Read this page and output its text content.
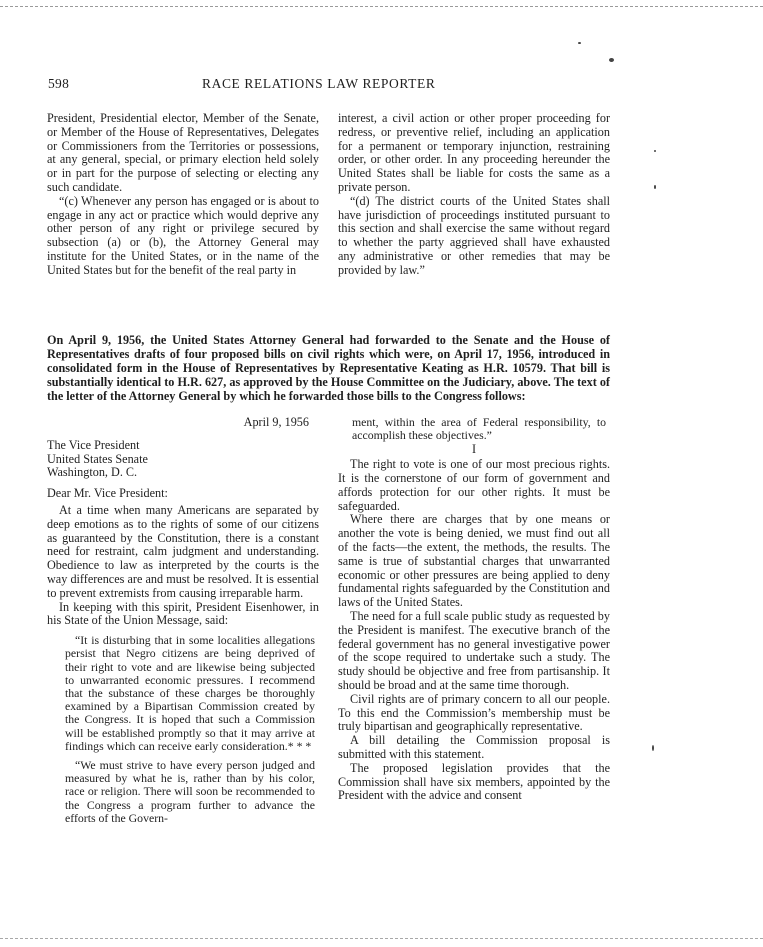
598	RACE RELATIONS LAW REPORTER

President, Presidential elector, Member of the Senate, or Member of the House of Representatives, Delegates or Commissioners from the Territories or possessions, at any general, special, or primary election held solely or in part for the purpose of selecting or electing any such candidate.

“(c) Whenever any person has engaged or is about to engage in any act or practice which would deprive any other person of any right or privilege secured by subsection (a) or (b), the Attorney General may institute for the United States, or in the name of the United States but for the benefit of the real party in

interest, a civil action or other proper proceeding for redress, or preventive relief, including an application for a permanent or temporary injunction, restraining order, or other order. In any proceeding hereunder the United States shall be liable for costs the same as a private person.

“(d) The district courts of the United States shall have jurisdiction of proceedings instituted pursuant to this section and shall exercise the same without regard to whether the party aggrieved shall have exhausted any administrative or other remedies that may be provided by law.”

On April 9, 1956, the United States Attorney General had forwarded to the Senate and the House of Representatives drafts of four proposed bills on civil rights which were, on April 17, 1956, introduced in consolidated form in the House of Representatives by Representative Keating as H.R. 10579. That bill is substantially identical to H.R. 627, as approved by the House Committee on the Judiciary, above. The text of the letter of the Attorney General by which he forwarded those bills to the Congress follows:

April 9, 1956

The Vice President

United States Senate

Washington, D. C.

Dear Mr. Vice President:

At a time when many Americans are separated by deep emotions as to the rights of some of our citizens as guaranteed by the Constitution, there is a constant need for restraint, calm judgment and understanding. Obedience to law as interpreted by the courts is the way differences are and must be resolved. It is essential to prevent extremists from causing irreparable harm.

In keeping with this spirit, President Eisenhower, in his State of the Union Message, said:

“It is disturbing that in some localities allegations persist that Negro citizens are being deprived of their right to vote and are likewise being subjected to unwarranted economic pressures. I recommend that the substance of these charges be thoroughly examined by a Bipartisan Commission created by the Congress. It is hoped that such a Commission will be established promptly so that it may arrive at findings which can receive early consideration.* * *

“We must strive to have every person judged and measured by what he is, rather than by his color, race or religion. There will soon be recommended to the Congress a program further to advance the efforts of the Govern-

ment, within the area of Federal responsibility, to accomplish these objectives.”

I

The right to vote is one of our most precious rights. It is the cornerstone of our form of government and affords protection for our other rights. It must be safeguarded.

Where there are charges that by one means or another the vote is being denied, we must find out all of the facts—the extent, the methods, the results. The same is true of substantial charges that unwarranted economic or other pressures are being applied to deny fundamental rights safeguarded by the Constitution and laws of the United States.

The need for a full scale public study as requested by the President is manifest. The executive branch of the federal government has no general investigative power of the scope required to undertake such a study. The study should be objective and free from partisanship. It should be broad and at the same time thorough.

Civil rights are of primary concern to all our people. To this end the Commission’s membership must be truly bipartisan and geographically representative.

A bill detailing the Commission proposal is submitted with this statement.

The proposed legislation provides that the Commission shall have six members, appointed by the President with the advice and consent
